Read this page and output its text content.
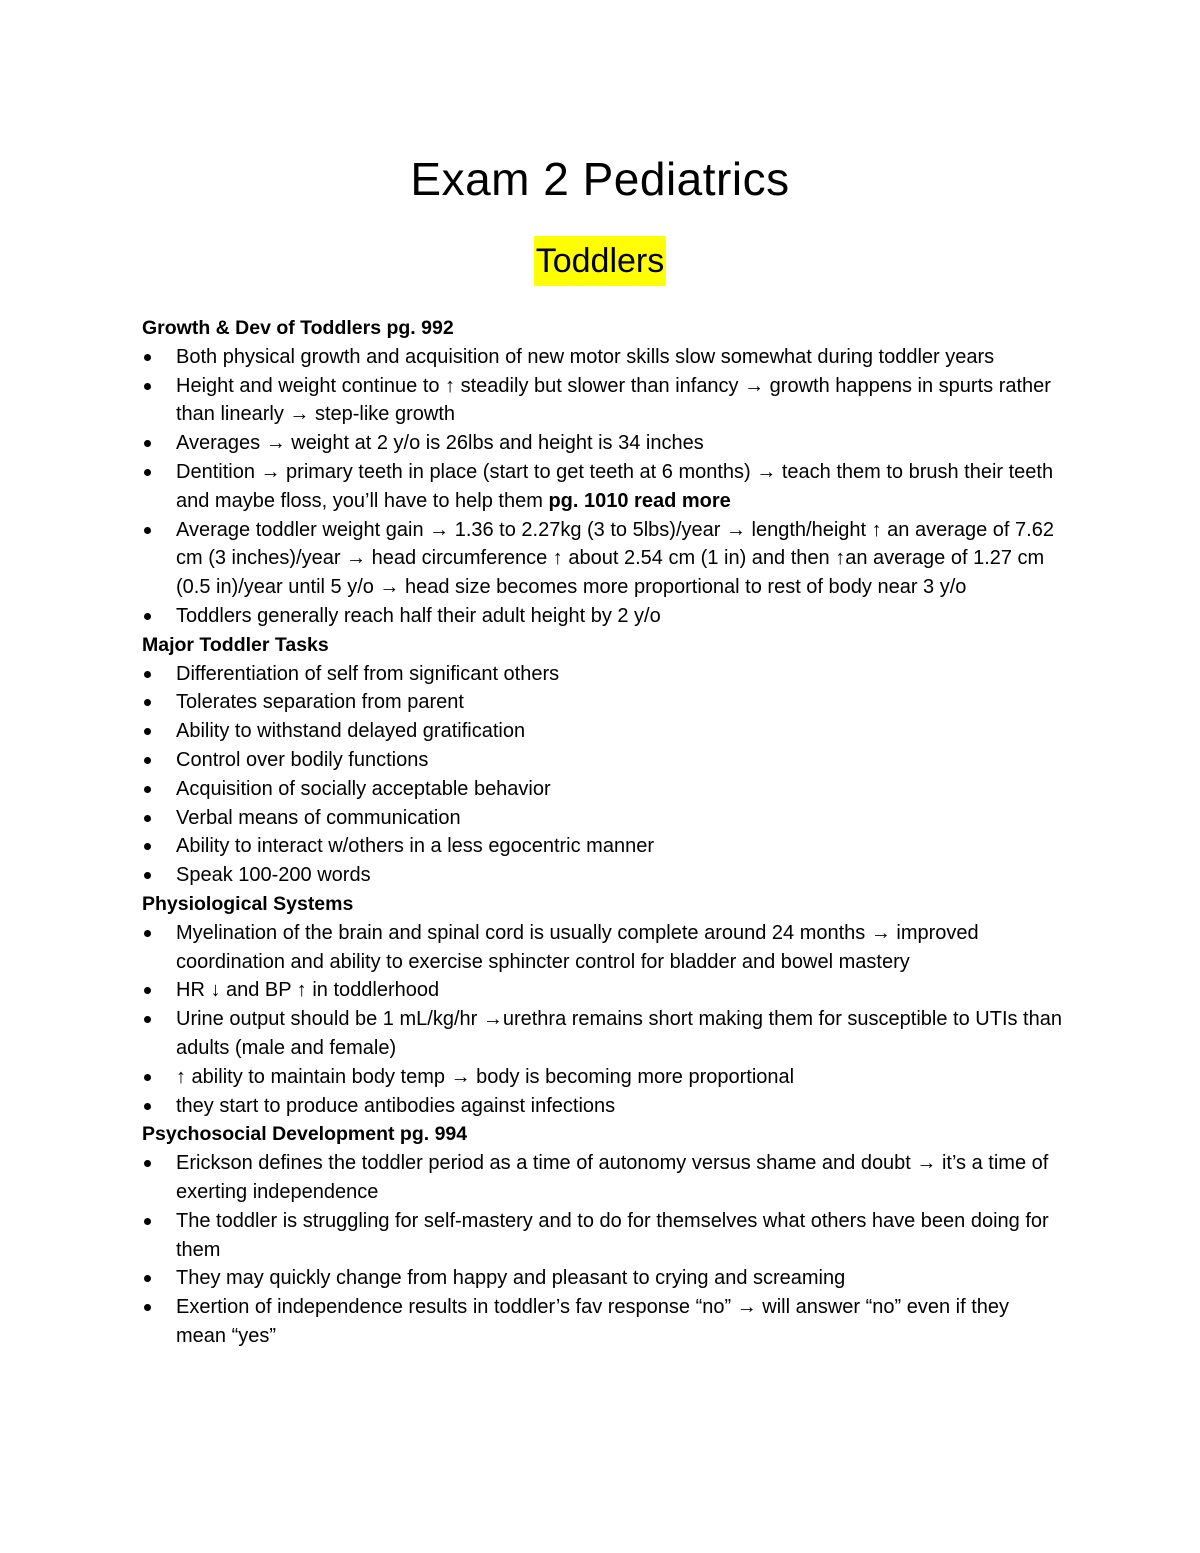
Exam 2 Pediatrics
Toddlers

Growth & Dev of Toddlers pg. 992

Both physical growth and acquisition of new motor skills slow somewhat during toddler years
Height and weight continue to ↑ steadily but slower than infancy → growth happens in spurts rather than linearly → step-like growth
Averages → weight at 2 y/o is 26lbs and height is 34 inches
Dentition → primary teeth in place (start to get teeth at 6 months) → teach them to brush their teeth and maybe floss, you’ll have to help them pg. 1010 read more
Average toddler weight gain → 1.36 to 2.27kg (3 to 5lbs)/year → length/height ↑ an average of 7.62 cm (3 inches)/year → head circumference ↑ about 2.54 cm (1 in) and then ↑an average of 1.27 cm (0.5 in)/year until 5 y/o → head size becomes more proportional to rest of body near 3 y/o
Toddlers generally reach half their adult height by 2 y/o

Major Toddler Tasks

Differentiation of self from significant others
Tolerates separation from parent
Ability to withstand delayed gratification
Control over bodily functions
Acquisition of socially acceptable behavior
Verbal means of communication
Ability to interact w/others in a less egocentric manner
Speak 100-200 words

Physiological Systems

Myelination of the brain and spinal cord is usually complete around 24 months → improved coordination and ability to exercise sphincter control for bladder and bowel mastery
HR ↓ and BP ↑ in toddlerhood
Urine output should be 1 mL/kg/hr →urethra remains short making them for susceptible to UTIs than adults (male and female)
↑ ability to maintain body temp → body is becoming more proportional
they start to produce antibodies against infections

Psychosocial Development pg. 994

Erickson defines the toddler period as a time of autonomy versus shame and doubt → it’s a time of exerting independence
The toddler is struggling for self-mastery and to do for themselves what others have been doing for them
They may quickly change from happy and pleasant to crying and screaming
Exertion of independence results in toddler’s fav response “no” → will answer “no” even if they mean “yes”
